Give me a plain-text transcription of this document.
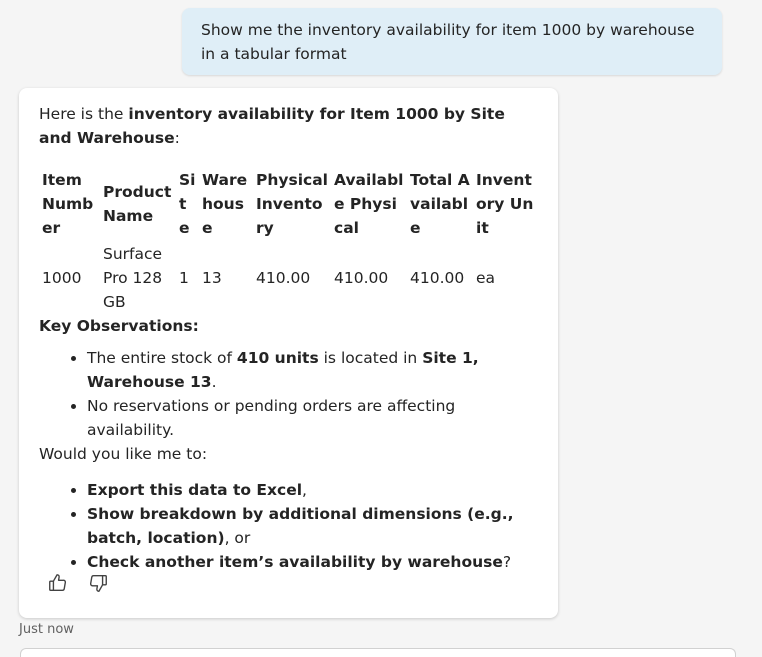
Show me the inventory availability for item 1000 by warehouse in a tabular format

Here is the inventory availability for Item 1000 by Site and Warehouse:

Item Number	Product Name	Site	Warehouse	Physical Inventory	Available Physical	Total Available	Inventory Unit
1000	Surface Pro 128 GB	1	13	410.00	410.00	410.00	ea

Key Observations:

• The entire stock of 410 units is located in Site 1, Warehouse 13.
• No reservations or pending orders are affecting availability.

Would you like me to:

• Export this data to Excel,
• Show breakdown by additional dimensions (e.g., batch, location), or
• Check another item’s availability by warehouse?
Just now
